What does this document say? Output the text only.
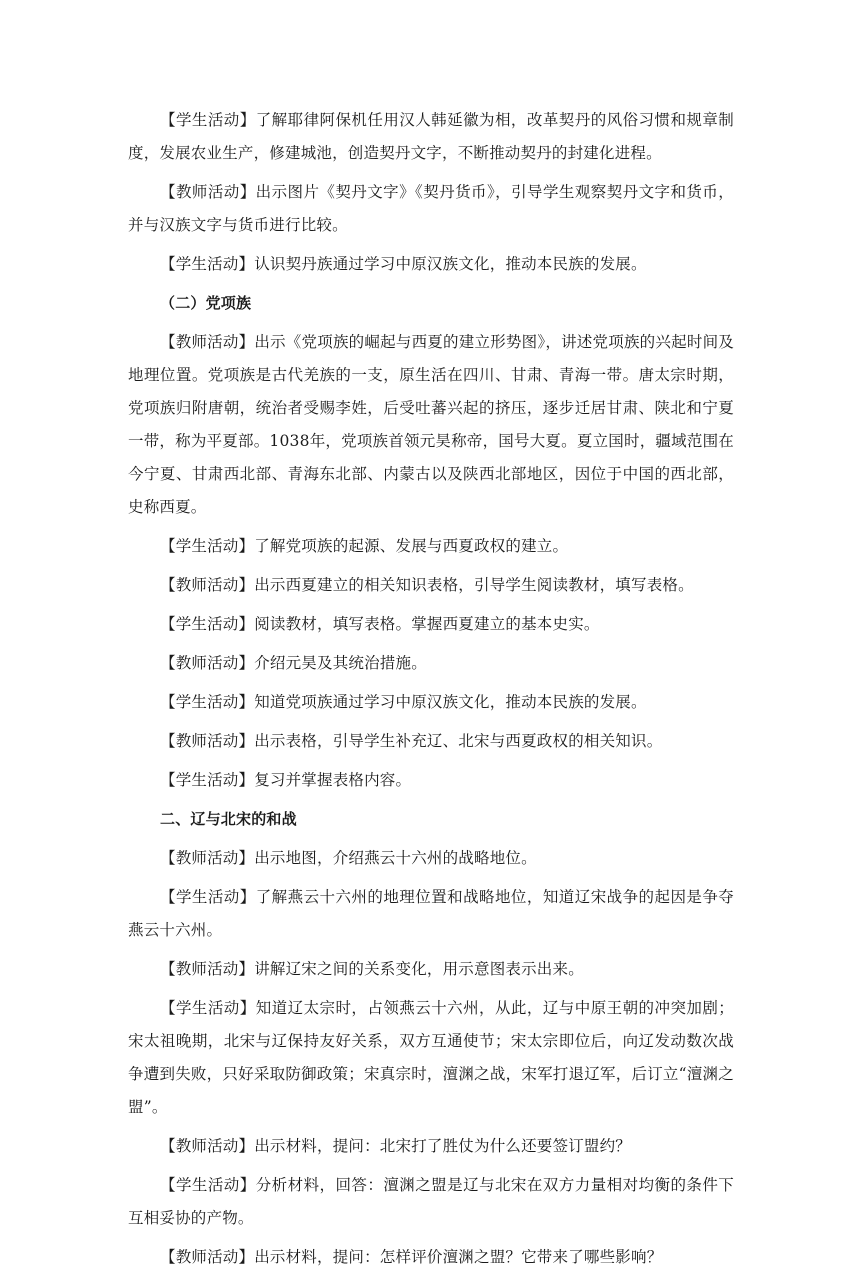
【学生活动】了解耶律阿保机任用汉人韩延徽为相，改革契丹的风俗习惯和规章制度，发展农业生产，修建城池，创造契丹文字，不断推动契丹的封建化进程。

【教师活动】出示图片《契丹文字》《契丹货币》，引导学生观察契丹文字和货币，并与汉族文字与货币进行比较。

【学生活动】认识契丹族通过学习中原汉族文化，推动本民族的发展。

（二）党项族

【教师活动】出示《党项族的崛起与西夏的建立形势图》，讲述党项族的兴起时间及地理位置。党项族是古代羌族的一支，原生活在四川、甘肃、青海一带。唐太宗时期，党项族归附唐朝，统治者受赐李姓，后受吐蕃兴起的挤压，逐步迁居甘肃、陕北和宁夏一带，称为平夏部。1038年，党项族首领元昊称帝，国号大夏。夏立国时，疆域范围在今宁夏、甘肃西北部、青海东北部、内蒙古以及陕西北部地区，因位于中国的西北部，史称西夏。

【学生活动】了解党项族的起源、发展与西夏政权的建立。

【教师活动】出示西夏建立的相关知识表格，引导学生阅读教材，填写表格。

【学生活动】阅读教材，填写表格。掌握西夏建立的基本史实。

【教师活动】介绍元昊及其统治措施。

【学生活动】知道党项族通过学习中原汉族文化，推动本民族的发展。

【教师活动】出示表格，引导学生补充辽、北宋与西夏政权的相关知识。

【学生活动】复习并掌握表格内容。

二、辽与北宋的和战

【教师活动】出示地图，介绍燕云十六州的战略地位。

【学生活动】了解燕云十六州的地理位置和战略地位，知道辽宋战争的起因是争夺燕云十六州。

【教师活动】讲解辽宋之间的关系变化，用示意图表示出来。

【学生活动】知道辽太宗时，占领燕云十六州，从此，辽与中原王朝的冲突加剧；宋太祖晚期，北宋与辽保持友好关系，双方互通使节；宋太宗即位后，向辽发动数次战争遭到失败，只好采取防御政策；宋真宗时，澶渊之战，宋军打退辽军，后订立“澶渊之盟”。

【教师活动】出示材料，提问：北宋打了胜仗为什么还要签订盟约？

【学生活动】分析材料，回答：澶渊之盟是辽与北宋在双方力量相对均衡的条件下互相妥协的产物。

【教师活动】出示材料，提问：怎样评价澶渊之盟？它带来了哪些影响？
